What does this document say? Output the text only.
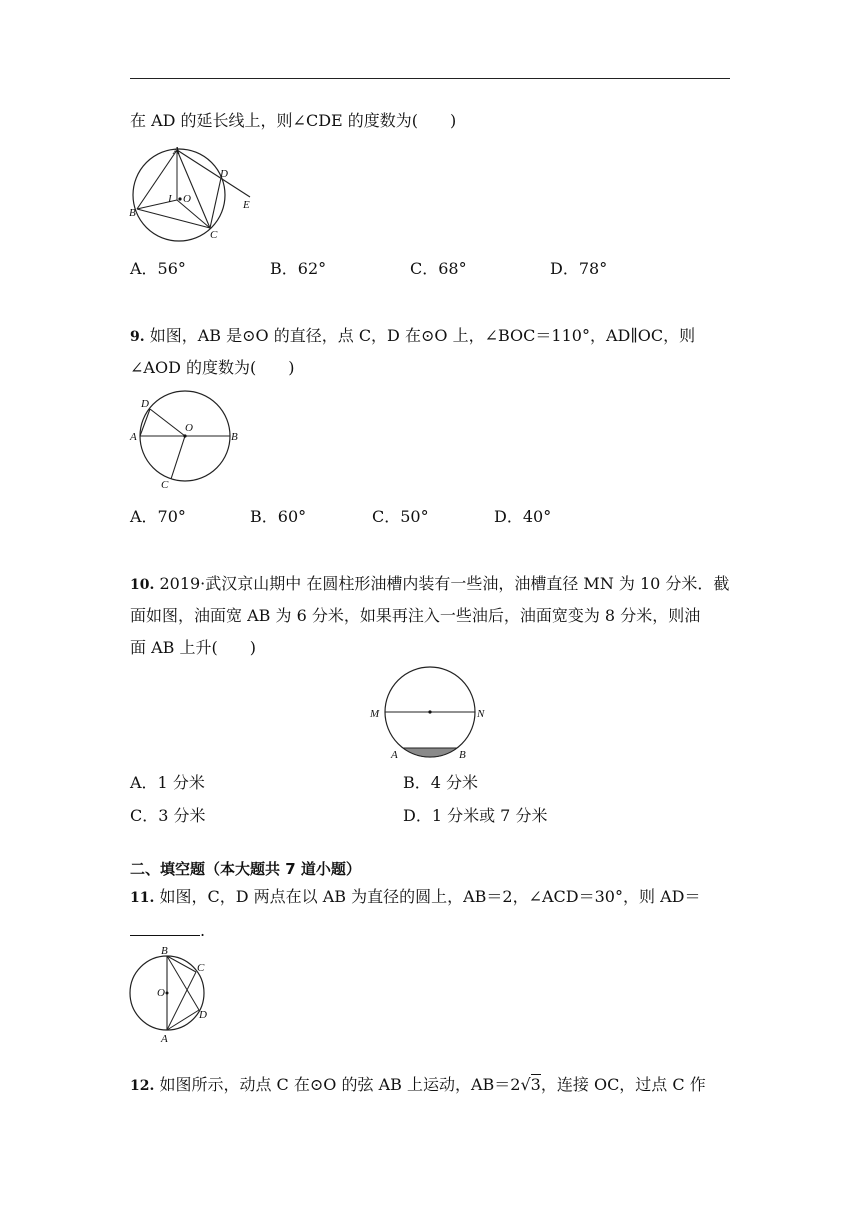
在 AD 的延长线上，则∠CDE 的度数为(　　)
A
B
C
D
E
I O
A．56°	B．62°	C．68°	D．78°
9. 如图，AB 是⊙O 的直径，点 C，D 在⊙O 上，∠BOC＝110°，AD∥OC，则
∠AOD 的度数为(　　)
A	B
C
D
O
A．70°	B．60°	C．50°	D．40°
10. 2019·武汉京山期中 在圆柱形油槽内装有一些油，油槽直径 MN 为 10 分米．截
面如图，油面宽 AB 为 6 分米，如果再注入一些油后，油面宽变为 8 分米，则油
面 AB 上升(　　)
M	N
A	B
A．1 分米	B．4 分米
C．3 分米	D．1 分米或 7 分米
二、填空题（本大题共 7 道小题）
11. 如图，C，D 两点在以 AB 为直径的圆上，AB＝2，∠ACD＝30°，则 AD＝
.
B
A
C
D
O
12. 如图所示，动点 C 在⊙O 的弦 AB 上运动，AB＝2√3，连接 OC，过点 C 作
